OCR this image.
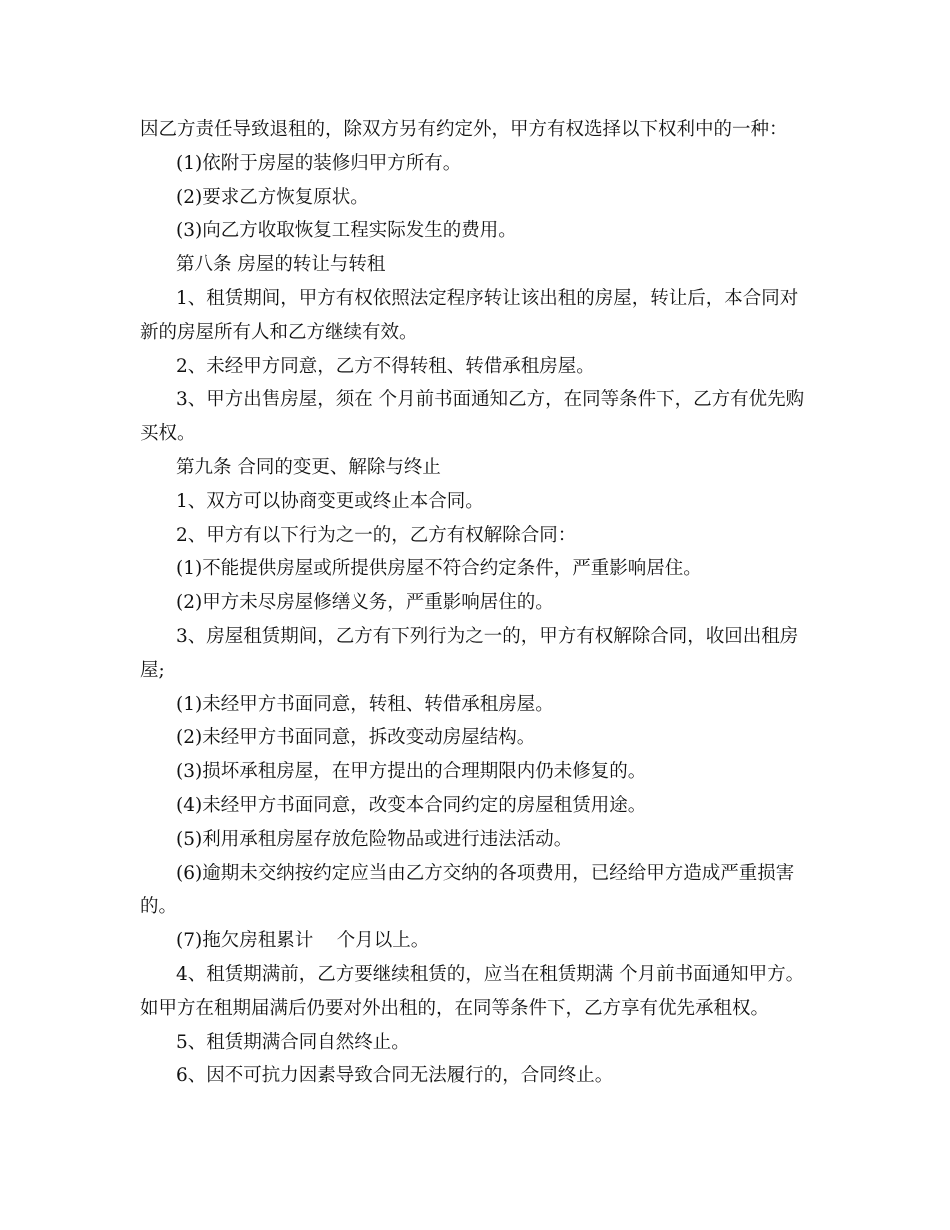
因乙方责任导致退租的，除双方另有约定外，甲方有权选择以下权利中的一种：
(1)依附于房屋的装修归甲方所有。
(2)要求乙方恢复原状。
(3)向乙方收取恢复工程实际发生的费用。
第八条 房屋的转让与转租
1、租赁期间，甲方有权依照法定程序转让该出租的房屋，转让后，本合同对
新的房屋所有人和乙方继续有效。
2、未经甲方同意，乙方不得转租、转借承租房屋。
3、甲方出售房屋，须在 个月前书面通知乙方，在同等条件下，乙方有优先购
买权。
第九条 合同的变更、解除与终止
1、双方可以协商变更或终止本合同。
2、甲方有以下行为之一的，乙方有权解除合同：
(1)不能提供房屋或所提供房屋不符合约定条件，严重影响居住。
(2)甲方未尽房屋修缮义务，严重影响居住的。
3、房屋租赁期间，乙方有下列行为之一的，甲方有权解除合同，收回出租房
屋;
(1)未经甲方书面同意，转租、转借承租房屋。
(2)未经甲方书面同意，拆改变动房屋结构。
(3)损坏承租房屋，在甲方提出的合理期限内仍未修复的。
(4)未经甲方书面同意，改变本合同约定的房屋租赁用途。
(5)利用承租房屋存放危险物品或进行违法活动。
(6)逾期未交纳按约定应当由乙方交纳的各项费用，已经给甲方造成严重损害
的。
(7)拖欠房租累计    个月以上。
4、租赁期满前，乙方要继续租赁的，应当在租赁期满 个月前书面通知甲方。
如甲方在租期届满后仍要对外出租的，在同等条件下，乙方享有优先承租权。
5、租赁期满合同自然终止。
6、因不可抗力因素导致合同无法履行的，合同终止。
